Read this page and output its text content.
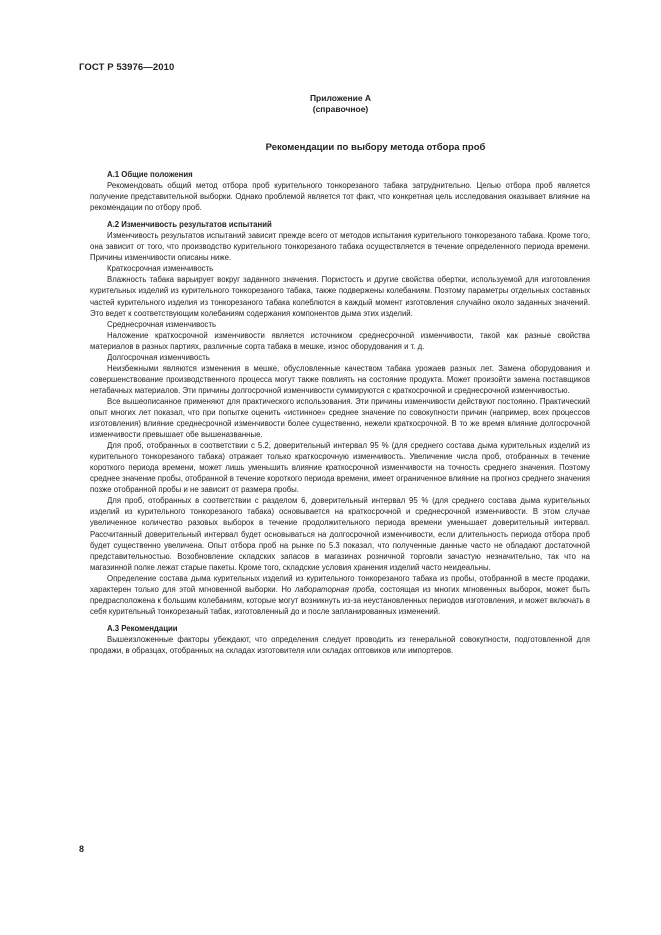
ГОСТ Р 53976—2010
Приложение А
(справочное)
Рекомендации по выбору метода отбора проб
А.1 Общие положения

Рекомендовать общий метод отбора проб курительного тонкорезаного табака затруднительно. Целью отбора проб является получение представительной выборки. Однако проблемой является тот факт, что конкретная цель исследования оказывает влияние на рекомендации по отбору проб.

А.2 Изменчивость результатов испытаний

Изменчивость результатов испытаний зависит прежде всего от методов испытания курительного тонкорезаного табака. Кроме того, она зависит от того, что производство курительного тонкорезаного табака осуществляется в течение определенного периода времени. Причины изменчивости описаны ниже.

Краткосрочная изменчивость

Влажность табака варьирует вокруг заданного значения. Пористость и другие свойства обертки, используемой для изготовления курительных изделий из курительного тонкорезаного табака, также подвержены колебаниям. Поэтому параметры отдельных составных частей курительного изделия из тонкорезаного табака колеблются в каждый момент изготовления случайно около заданных значений. Это ведет к соответствующим колебаниям содержания компонентов дыма этих изделий.

Среднесрочная изменчивость

Наложение краткосрочной изменчивости является источником среднесрочной изменчивости, такой как разные свойства материалов в разных партиях, различные сорта табака в мешке, износ оборудования и т. д.

Долгосрочная изменчивость

Неизбежными являются изменения в мешке, обусловленные качеством табака урожаев разных лет. Замена оборудования и совершенствование производственного процесса могут также повлиять на состояние продукта. Может произойти замена поставщиков нетабачных материалов. Эти причины долгосрочной изменчивости суммируются с краткосрочной и среднесрочной изменчивостью.

Все вышеописанное применяют для практического использования. Эти причины изменчивости действуют постоянно. Практический опыт многих лет показал, что при попытке оценить «истинное» среднее значение по совокупности причин (например, всех процессов изготовления) влияние среднесрочной изменчивости более существенно, нежели краткосрочной. В то же время влияние долгосрочной изменчивости превышает обе вышеназванные.

Для проб, отобранных в соответствии с 5.2, доверительный интервал 95 % (для среднего состава дыма курительных изделий из курительного тонкорезаного табака) отражает только краткосрочную изменчивость. Увеличение числа проб, отобранных в течение короткого периода времени, может лишь уменьшить влияние краткосрочной изменчивости на точность среднего значения. Поэтому среднее значение пробы, отобранной в течение короткого периода времени, имеет ограниченное влияние на прогноз среднего значения позже отобранной пробы и не зависит от размера пробы.

Для проб, отобранных в соответствии с разделом 6, доверительный интервал 95 % (для среднего состава дыма курительных изделий из курительного тонкорезаного табака) основывается на краткосрочной и среднесрочной изменчивости. В этом случае увеличенное количество разовых выборок в течение продолжительного периода времени уменьшает доверительный интервал. Рассчитанный доверительный интервал будет основываться на долгосрочной изменчивости, если длительность периода отбора проб будет существенно увеличена. Опыт отбора проб на рынке по 5.3 показал, что полученные данные часто не обладают достаточной представительностью. Возобновление складских запасов в магазинах розничной торговли зачастую незначительно, так что на магазинной полке лежат старые пакеты. Кроме того, складские условия хранения изделий часто неидеальны.

Определение состава дыма курительных изделий из курительного тонкорезаного табака из пробы, отобранной в месте продажи, характерен только для этой мгновенной выборки. Но лабораторная проба, состоящая из многих мгновенных выборок, может быть предрасположена к большим колебаниям, которые могут возникнуть из-за неустановленных периодов изготовления, и может включать в себя курительный тонкорезаный табак, изготовленный до и после запланированных изменений.

А.3 Рекомендации

Вышеизложенные факторы убеждают, что определения следует проводить из генеральной совокупности, подготовленной для продажи, в образцах, отобранных на складах изготовителя или складах оптовиков или импортеров.

8
